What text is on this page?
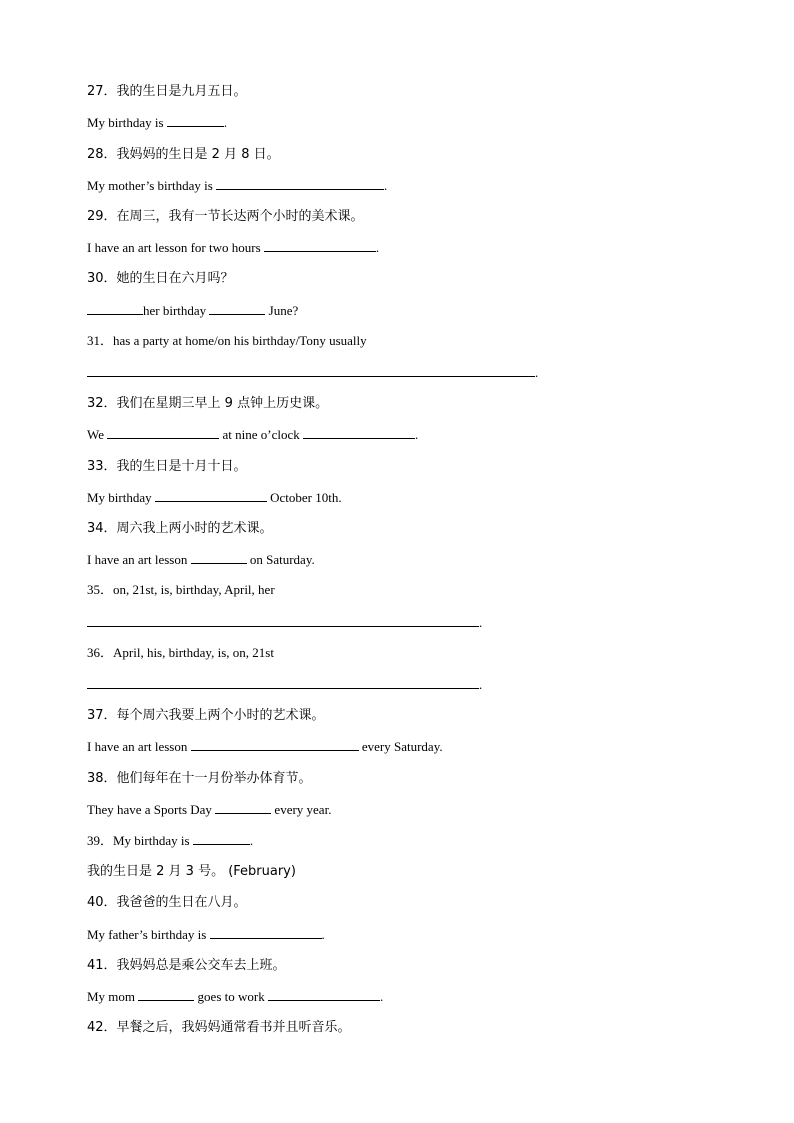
27．我的生日是九月五日。
My birthday is	.
28．我妈妈的生日是 2 月 8 日。
My mother’s birthday is	.
29．在周三，我有一节长达两个小时的美术课。
I have an art lesson for two hours	.
30．她的生日在六月吗？
her birthday	June?
31．has a party at home/on his birthday/Tony usually
.
32．我们在星期三早上 9 点钟上历史课。
We	at nine o’clock	.
33．我的生日是十月十日。
My birthday	October 10th.
34．周六我上两小时的艺术课。
I have an art lesson	on Saturday.
35．on, 21st, is, birthday, April, her
.
36．April, his, birthday, is, on, 21st
.
37．每个周六我要上两个小时的艺术课。
I have an art lesson	every Saturday.
38．他们每年在十一月份举办体育节。
They have a Sports Day	every year.
39．My birthday is	.
我的生日是 2 月 3 号。 (February)
40．我爸爸的生日在八月。
My father’s birthday is	.
41．我妈妈总是乘公交车去上班。
My mom	goes to work	.
42．早餐之后，我妈妈通常看书并且听音乐。
